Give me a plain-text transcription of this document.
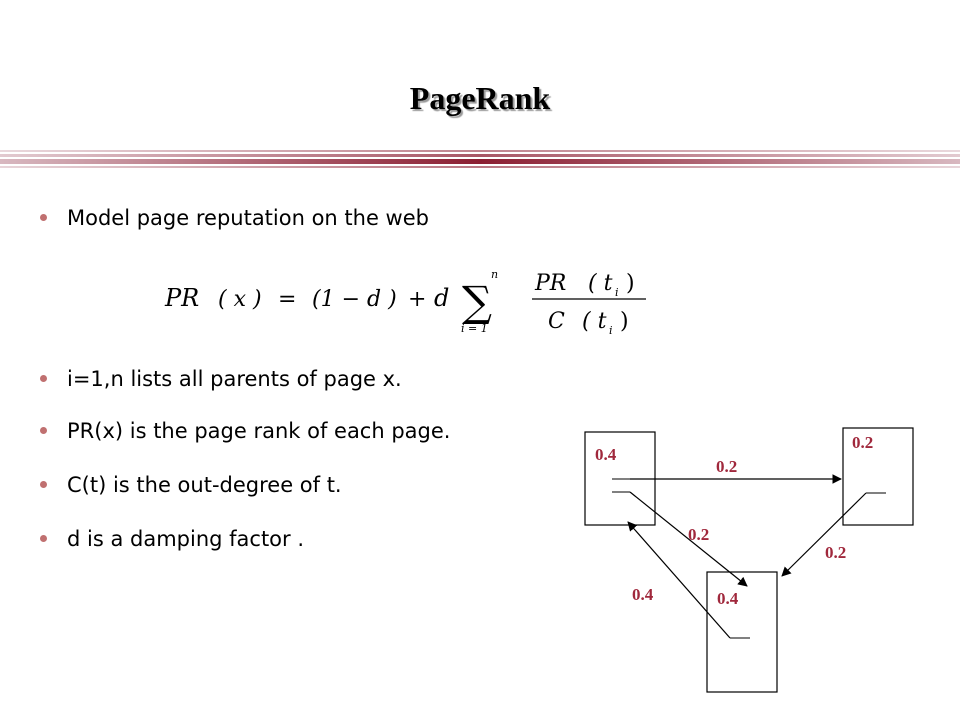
PageRank
Model page reputation on the web
i=1,n lists all parents of page x.
PR(x) is the page rank of each page.
C(t) is the out-degree of t.
d is a damping factor .
PR ( x ) = (1 − d ) + d
n
∑
i = 1
PR ( t i )
C ( t i )
0.4
0.2
0.4
0.2
0.2
0.2
0.4
